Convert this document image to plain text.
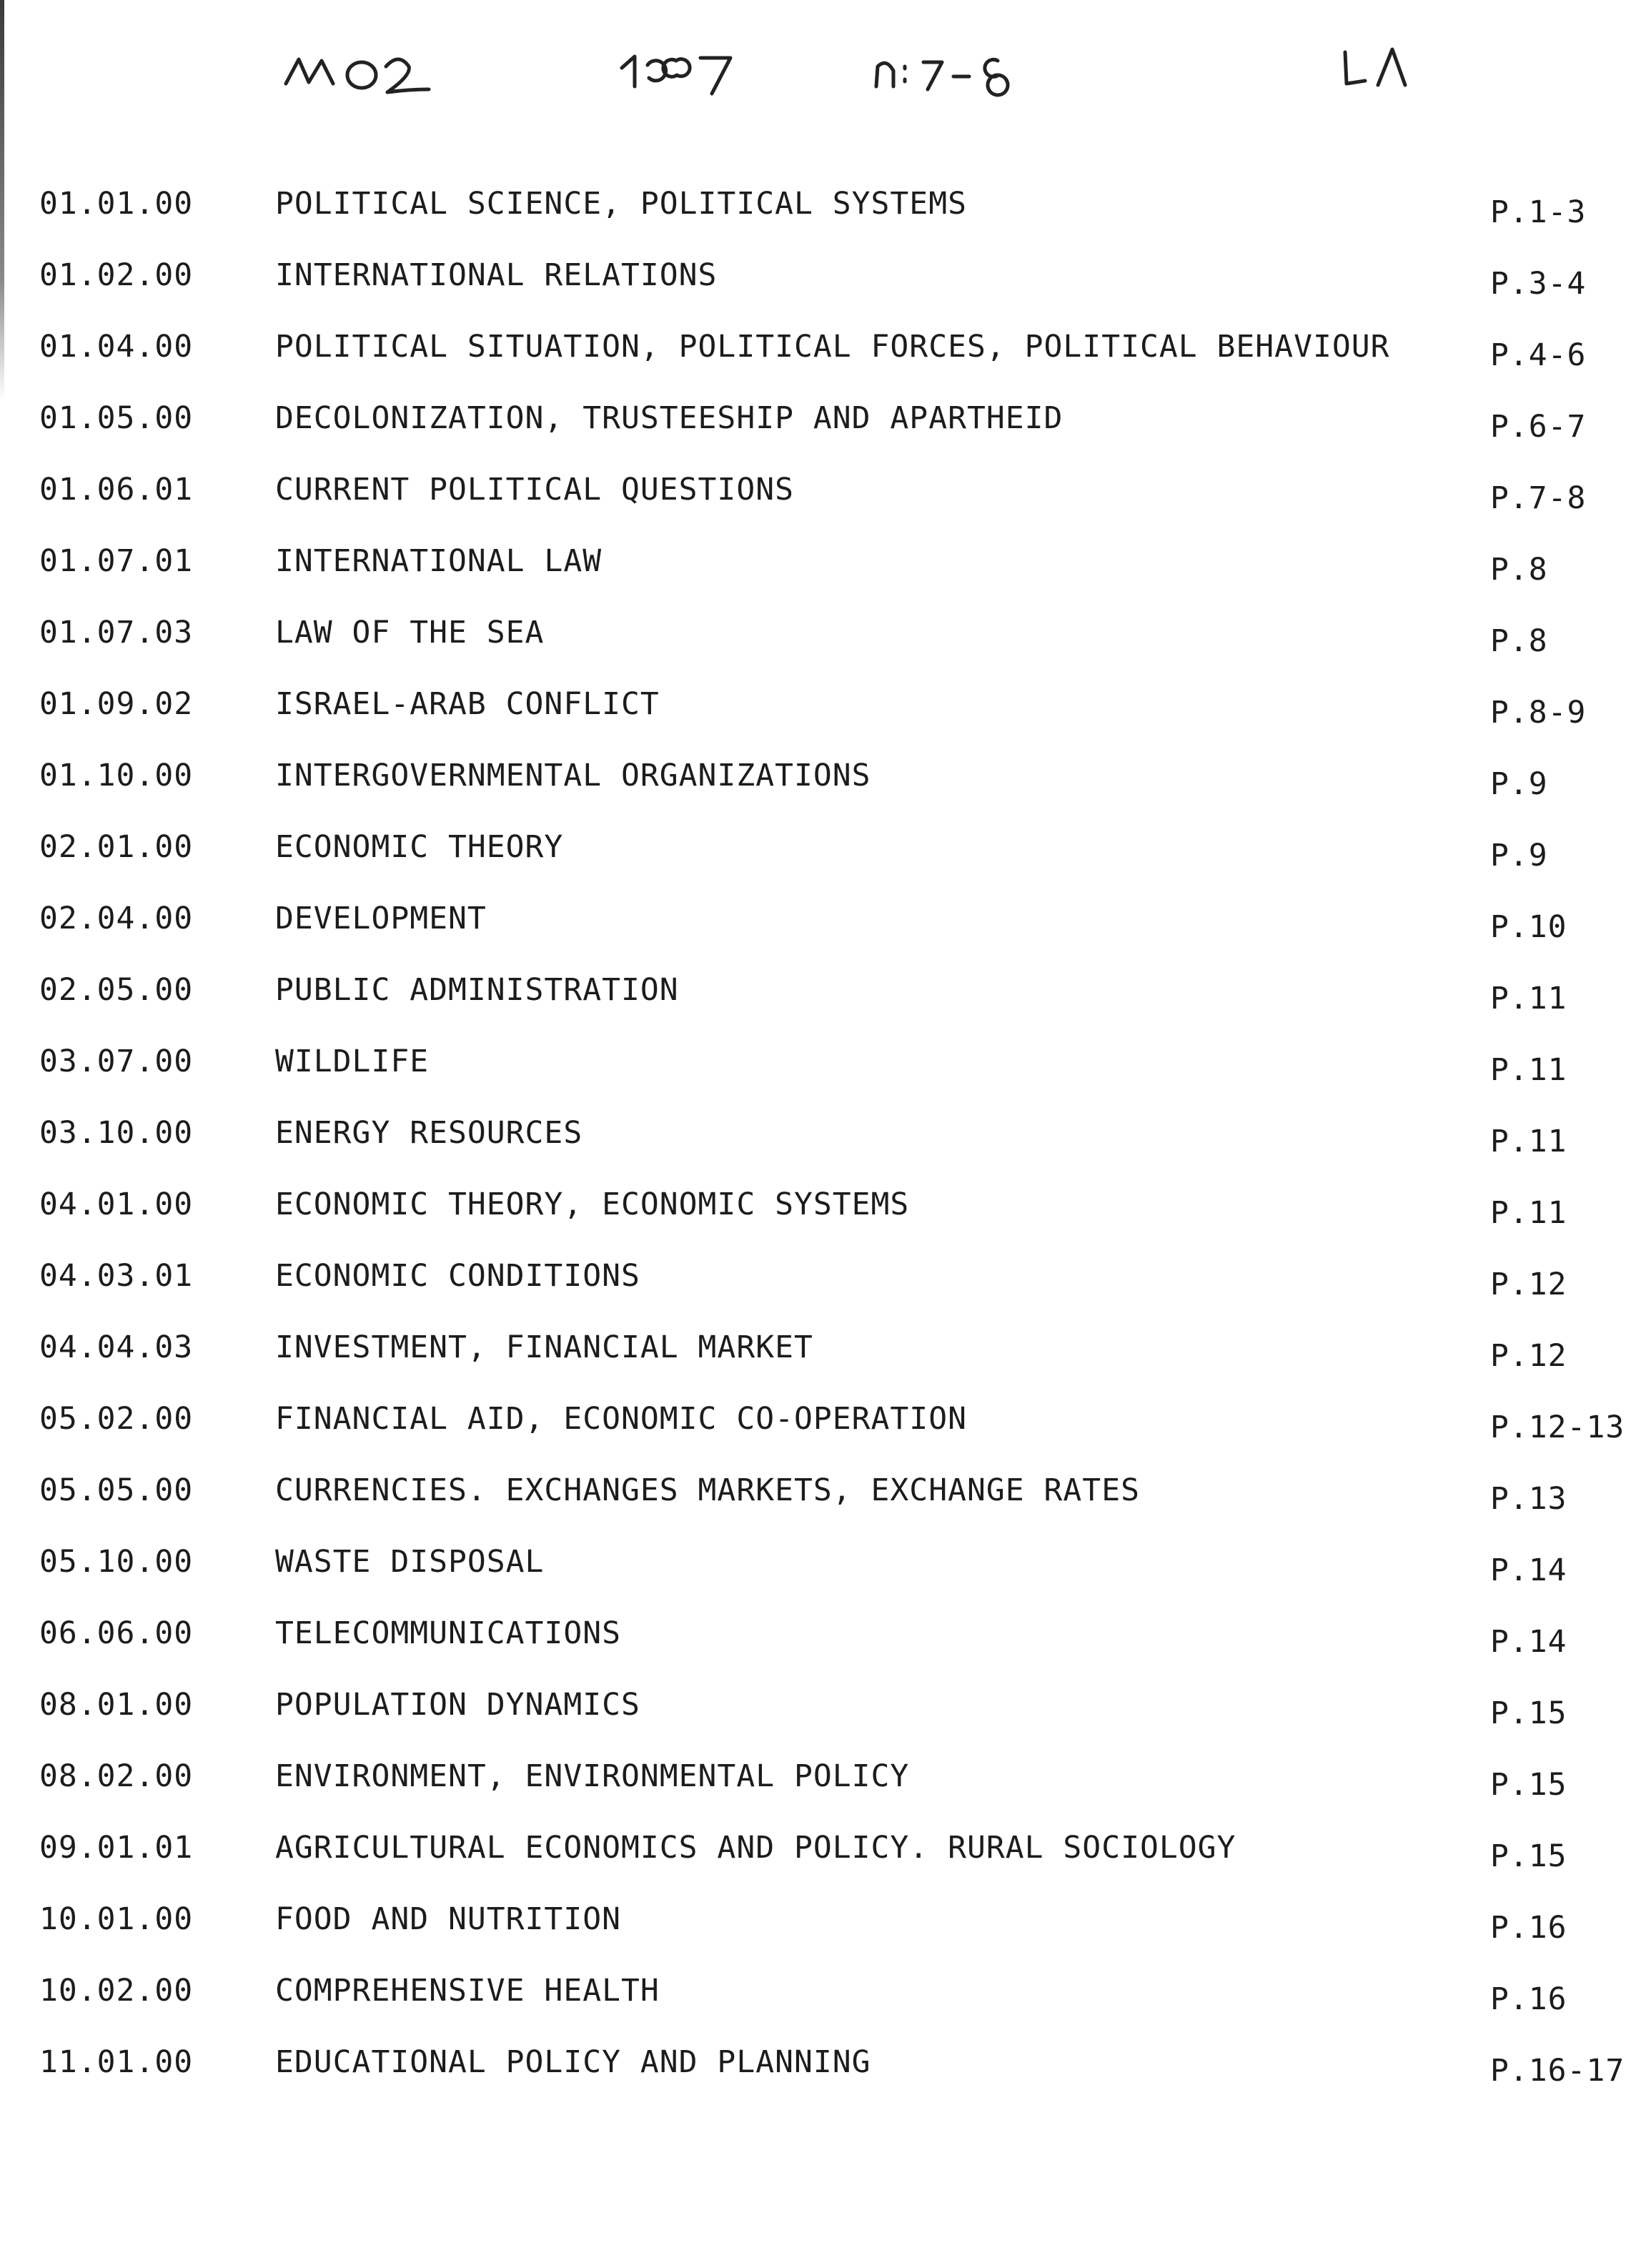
01.01.00	POLITICAL SCIENCE, POLITICAL SYSTEMS	P.1-3
01.02.00	INTERNATIONAL RELATIONS	P.3-4
01.04.00	POLITICAL SITUATION, POLITICAL FORCES, POLITICAL BEHAVIOUR	P.4-6
01.05.00	DECOLONIZATION, TRUSTEESHIP AND APARTHEID	P.6-7
01.06.01	CURRENT POLITICAL QUESTIONS	P.7-8
01.07.01	INTERNATIONAL LAW	P.8
01.07.03	LAW OF THE SEA	P.8
01.09.02	ISRAEL-ARAB CONFLICT	P.8-9
01.10.00	INTERGOVERNMENTAL ORGANIZATIONS	P.9
02.01.00	ECONOMIC THEORY	P.9
02.04.00	DEVELOPMENT	P.10
02.05.00	PUBLIC ADMINISTRATION	P.11
03.07.00	WILDLIFE	P.11
03.10.00	ENERGY RESOURCES	P.11
04.01.00	ECONOMIC THEORY, ECONOMIC SYSTEMS	P.11
04.03.01	ECONOMIC CONDITIONS	P.12
04.04.03	INVESTMENT, FINANCIAL MARKET	P.12
05.02.00	FINANCIAL AID, ECONOMIC CO-OPERATION	P.12-13
05.05.00	CURRENCIES. EXCHANGES MARKETS, EXCHANGE RATES	P.13
05.10.00	WASTE DISPOSAL	P.14
06.06.00	TELECOMMUNICATIONS	P.14
08.01.00	POPULATION DYNAMICS	P.15
08.02.00	ENVIRONMENT, ENVIRONMENTAL POLICY	P.15
09.01.01	AGRICULTURAL ECONOMICS AND POLICY. RURAL SOCIOLOGY	P.15
10.01.00	FOOD AND NUTRITION	P.16
10.02.00	COMPREHENSIVE HEALTH	P.16
11.01.00	EDUCATIONAL POLICY AND PLANNING	P.16-17
